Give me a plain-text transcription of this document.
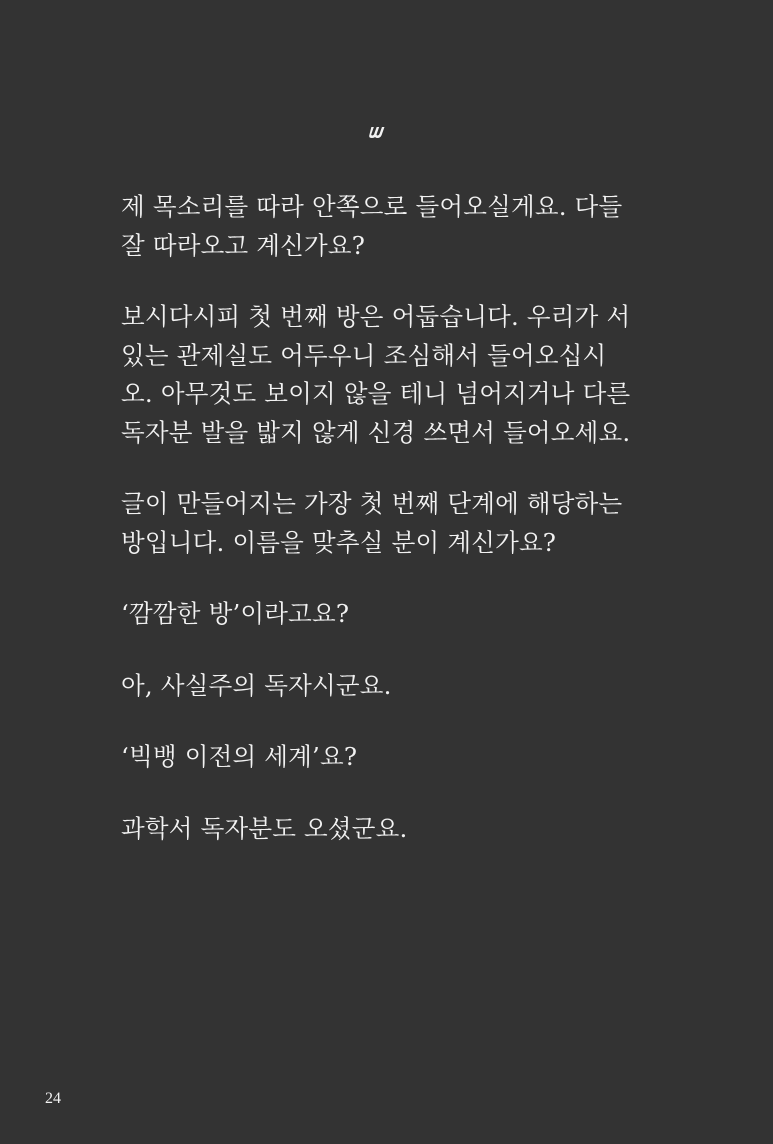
제 목소리를 따라 안쪽으로 들어오실게요. 다들
잘 따라오고 계신가요?

보시다시피 첫 번째 방은 어둡습니다. 우리가 서
있는 관제실도 어두우니 조심해서 들어오십시
오. 아무것도 보이지 않을 테니 넘어지거나 다른
독자분 발을 밟지 않게 신경 쓰면서 들어오세요.

글이 만들어지는 가장 첫 번째 단계에 해당하는
방입니다. 이름을 맞추실 분이 계신가요?

‘깜깜한 방’이라고요?

아, 사실주의 독자시군요.

‘빅뱅 이전의 세계’요?

과학서 독자분도 오셨군요.

24
